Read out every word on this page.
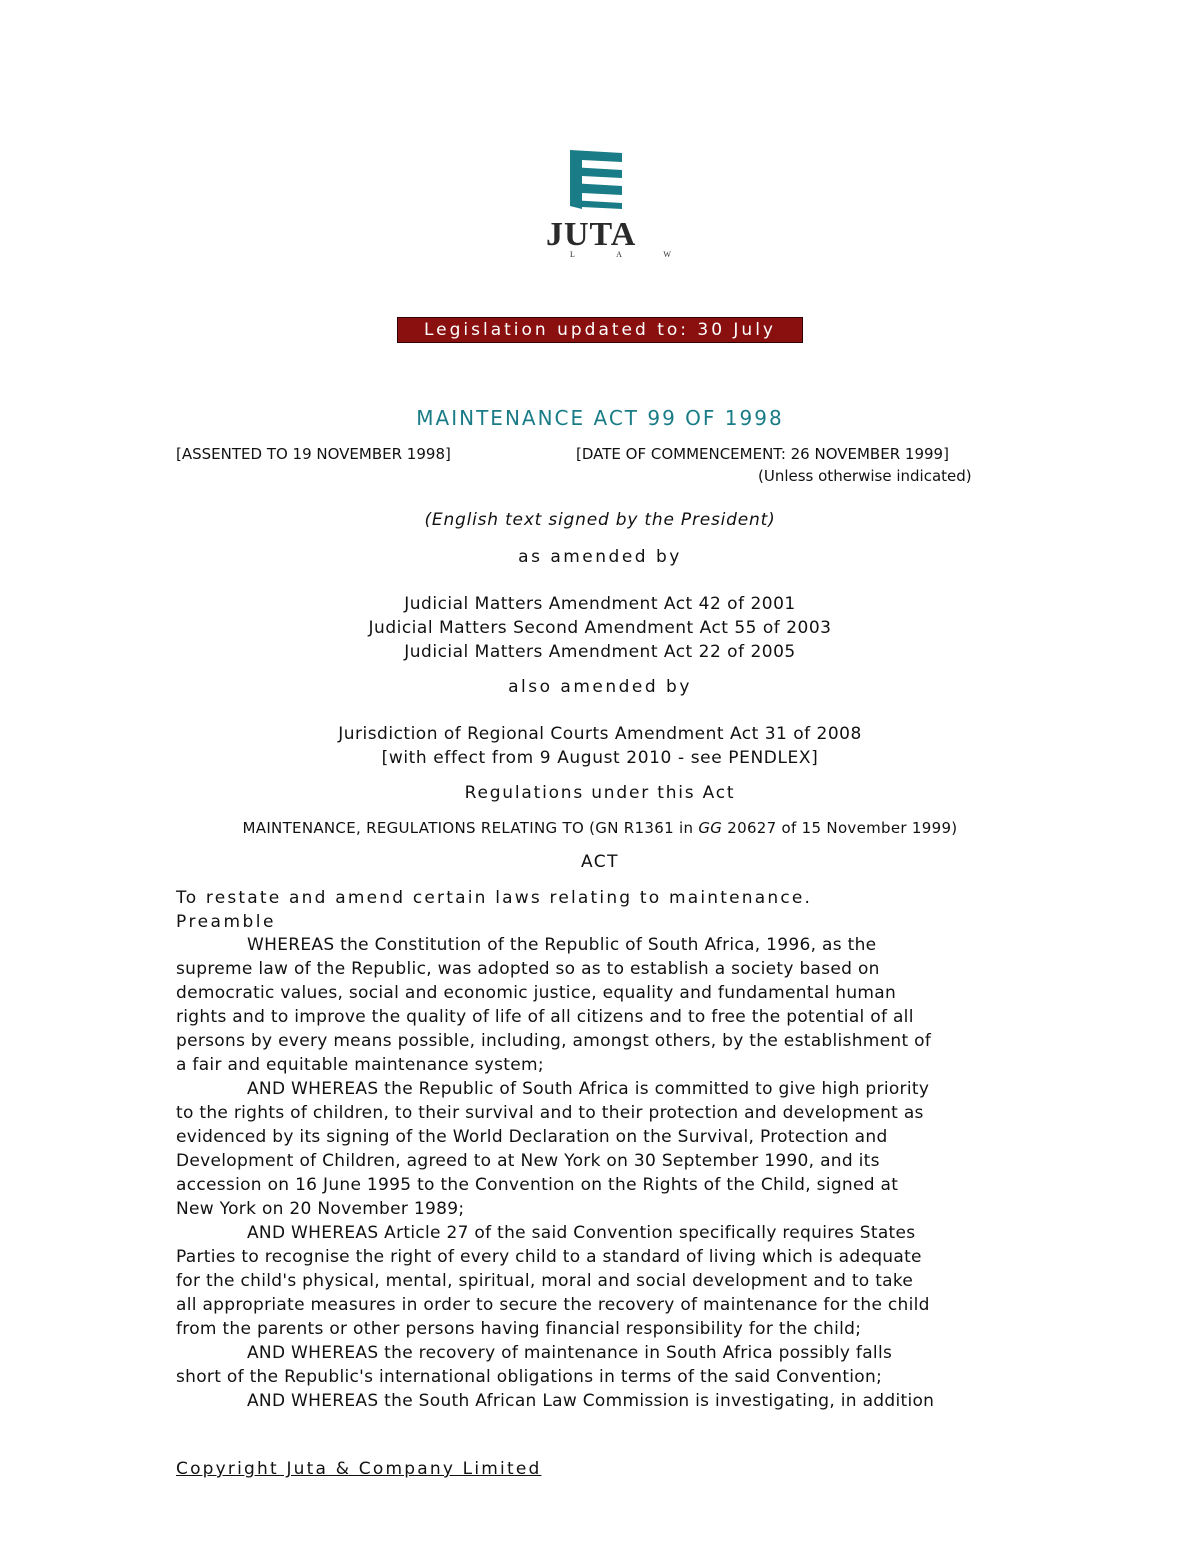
JUTA
L A W
Legislation updated to: 30 July 2010
MAINTENANCE ACT 99 OF 1998
[ASSENTED TO 19 NOVEMBER 1998]	[DATE OF COMMENCEMENT: 26 NOVEMBER 1999]
(Unless otherwise indicated)
(English text signed by the President)
as amended by
Judicial Matters Amendment Act 42 of 2001
Judicial Matters Second Amendment Act 55 of 2003
Judicial Matters Amendment Act 22 of 2005
also amended by
Jurisdiction of Regional Courts Amendment Act 31 of 2008
[with effect from 9 August 2010 - see PENDLEX]
Regulations under this Act
MAINTENANCE, REGULATIONS RELATING TO (GN R1361 in GG 20627 of 15 November 1999)
ACT
To restate and amend certain laws relating to maintenance.
Preamble
WHEREAS the Constitution of the Republic of South Africa, 1996, as the
supreme law of the Republic, was adopted so as to establish a society based on
democratic values, social and economic justice, equality and fundamental human
rights and to improve the quality of life of all citizens and to free the potential of all
persons by every means possible, including, amongst others, by the establishment of
a fair and equitable maintenance system;
AND WHEREAS the Republic of South Africa is committed to give high priority
to the rights of children, to their survival and to their protection and development as
evidenced by its signing of the World Declaration on the Survival, Protection and
Development of Children, agreed to at New York on 30 September 1990, and its
accession on 16 June 1995 to the Convention on the Rights of the Child, signed at
New York on 20 November 1989;
AND WHEREAS Article 27 of the said Convention specifically requires States
Parties to recognise the right of every child to a standard of living which is adequate
for the child's physical, mental, spiritual, moral and social development and to take
all appropriate measures in order to secure the recovery of maintenance for the child
from the parents or other persons having financial responsibility for the child;
AND WHEREAS the recovery of maintenance in South Africa possibly falls
short of the Republic's international obligations in terms of the said Convention;
AND WHEREAS the South African Law Commission is investigating, in addition
Copyright Juta & Company Limited
